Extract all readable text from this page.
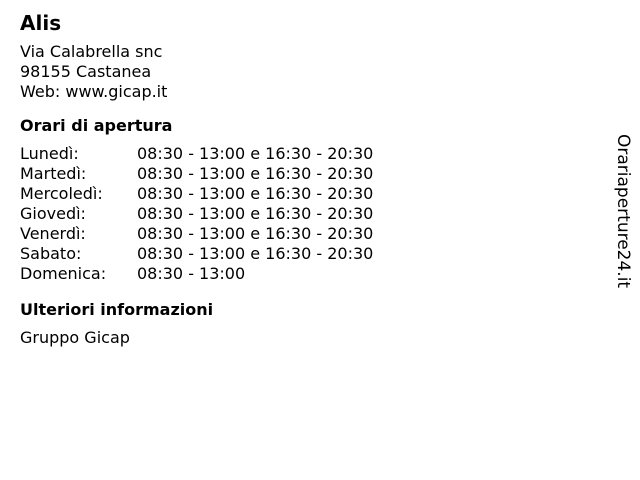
Alis
Via Calabrella snc
98155 Castanea
Web: www.gicap.it
Orari di apertura
Lunedì:	08:30 - 13:00 e 16:30 - 20:30
Martedì:	08:30 - 13:00 e 16:30 - 20:30
Mercoledì:	08:30 - 13:00 e 16:30 - 20:30
Giovedì:	08:30 - 13:00 e 16:30 - 20:30
Venerdì:	08:30 - 13:00 e 16:30 - 20:30
Sabato:	08:30 - 13:00 e 16:30 - 20:30
Domenica:	08:30 - 13:00
Ulteriori informazioni
Gruppo Gicap
Orariaperture24.it
